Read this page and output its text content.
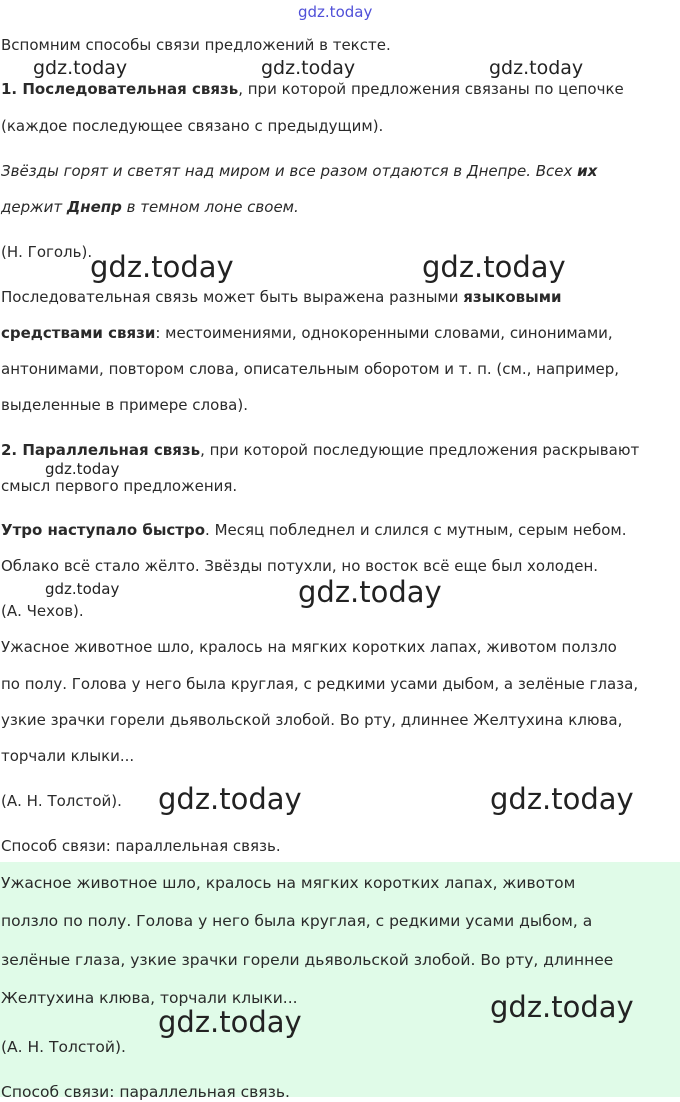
gdz.today

Вспомним способы связи предложений в тексте.

gdz.today	gdz.today	gdz.today

1. Последовательная связь, при которой предложения связаны по цепочке

(каждое последующее связано с предыдущим).

Звёзды горят и светят над миром и все разом отдаются в Днепре. Всех их

держит Днепр в темном лоне своем.

(Н. Гоголь).

gdz.today	gdz.today

Последовательная связь может быть выражена разными языковыми

средствами связи: местоимениями, однокоренными словами, синонимами,

антонимами, повтором слова, описательным оборотом и т. п. (см., например,

выделенные в примере слова).

2. Параллельная связь, при которой последующие предложения раскрывают

gdz.today

смысл первого предложения.

Утро наступало быстро. Месяц побледнел и слился с мутным, серым небом.

Облако всё стало жёлто. Звёзды потухли, но восток всё еще был холоден.

gdz.today	gdz.today

(А. Чехов).

Ужасное животное шло, кралось на мягких коротких лапах, животом ползло

по полу. Голова у него была круглая, с редкими усами дыбом, а зелёные глаза,

узкие зрачки горели дьявольской злобой. Во рту, длиннее Желтухина клюва,

торчали клыки...

(А. Н. Толстой). gdz.today	gdz.today

Способ связи: параллельная связь.

Ужасное животное шло, кралось на мягких коротких лапах, животом

ползло по полу. Голова у него была круглая, с редкими усами дыбом, а

зелёные глаза, узкие зрачки горели дьявольской злобой. Во рту, длиннее

Желтухина клюва, торчали клыки...	gdz.today

gdz.today

(А. Н. Толстой).

Способ связи: параллельная связь.
